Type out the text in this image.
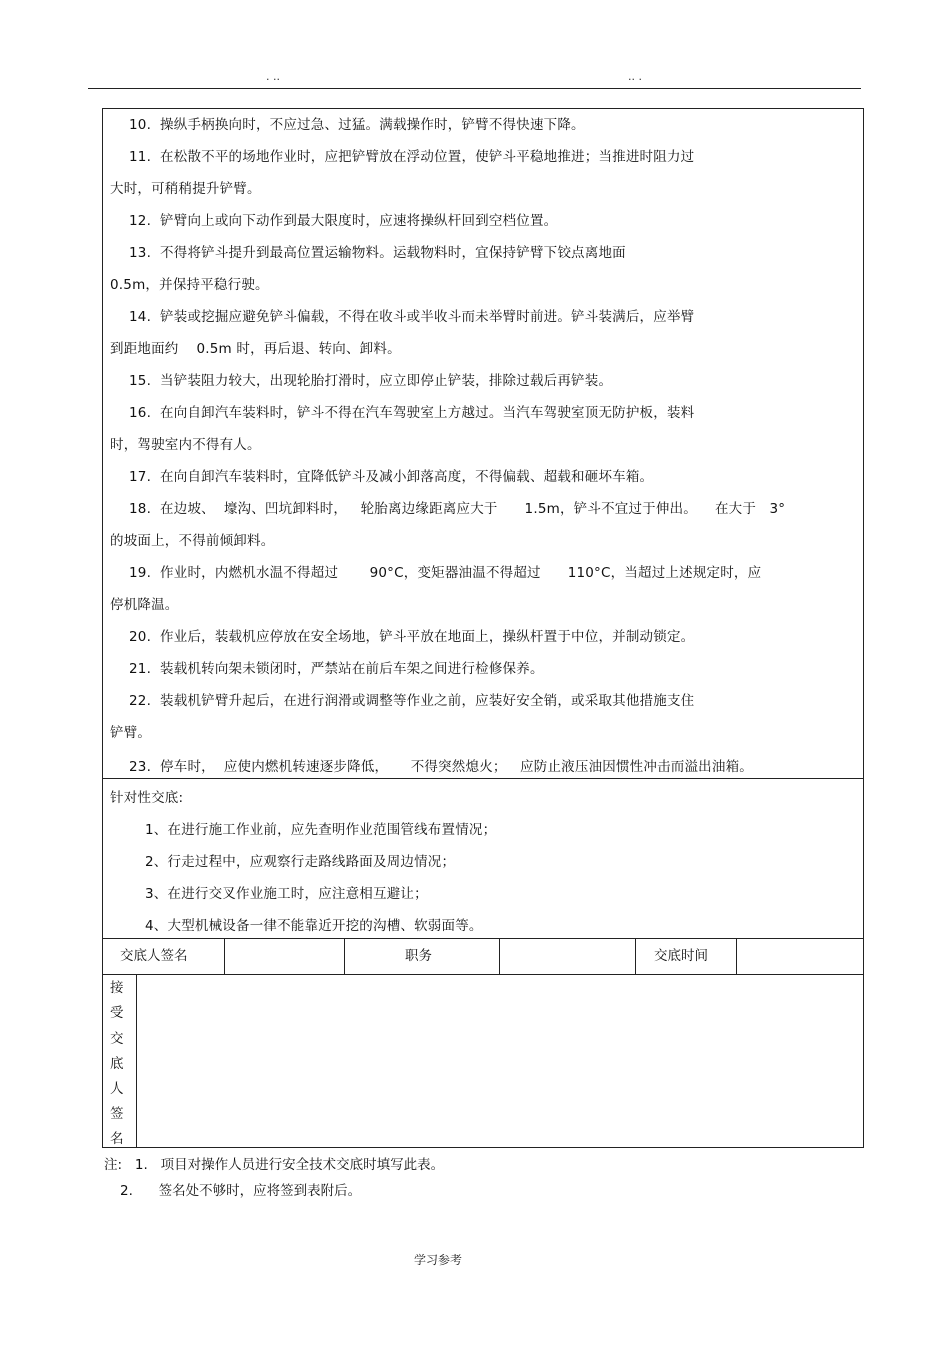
. ..	.. .
10.  操纵手柄换向时，不应过急、过猛。满载操作时，铲臂不得快速下降。
11.  在松散不平的场地作业时，应把铲臂放在浮动位置，使铲斗平稳地推进；当推进时阻力过
大时，可稍稍提升铲臂。
12.  铲臂向上或向下动作到最大限度时，应速将操纵杆回到空档位置。
13.  不得将铲斗提升到最高位置运输物料。运载物料时，宜保持铲臂下铰点离地面
0.5m，并保持平稳行驶。
14.  铲装或挖掘应避免铲斗偏载，不得在收斗或半收斗而未举臂时前进。铲斗装满后，应举臂
到距地面约    0.5m 时，再后退、转向、卸料。
15.  当铲装阻力较大，出现轮胎打滑时，应立即停止铲装，排除过载后再铲装。
16.  在向自卸汽车装料时，铲斗不得在汽车驾驶室上方越过。当汽车驾驶室顶无防护板，装料
时，驾驶室内不得有人。
17.  在向自卸汽车装料时，宜降低铲斗及减小卸落高度，不得偏载、超载和砸坏车箱。
18.  在边坡、  壕沟、凹坑卸料时，   轮胎离边缘距离应大于      1.5m，铲斗不宜过于伸出。    在大于   3°
的坡面上，不得前倾卸料。
19.  作业时，内燃机水温不得超过       90°C，变矩器油温不得超过      110°C，当超过上述规定时，应
停机降温。
20.  作业后，装载机应停放在安全场地，铲斗平放在地面上，操纵杆置于中位，并制动锁定。
21.  装载机转向架未锁闭时，严禁站在前后车架之间进行检修保养。
22.  装载机铲臂升起后，在进行润滑或调整等作业之前，应装好安全销，或采取其他措施支住
铲臂。
23.  停车时，  应使内燃机转速逐步降低，     不得突然熄火；   应防止液压油因惯性冲击而溢出油箱。
针对性交底:
1、在进行施工作业前，应先查明作业范围管线布置情况；
2、行走过程中，应观察行走路线路面及周边情况；
3、在进行交叉作业施工时，应注意相互避让；
4、大型机械设备一律不能靠近开挖的沟槽、软弱面等。
交底人签名	职务	交底时间
接
受
交
底
人
签
名
注:   1.   项目对操作人员进行安全技术交底时填写此表。
2.      签名处不够时，应将签到表附后。
学习参考
